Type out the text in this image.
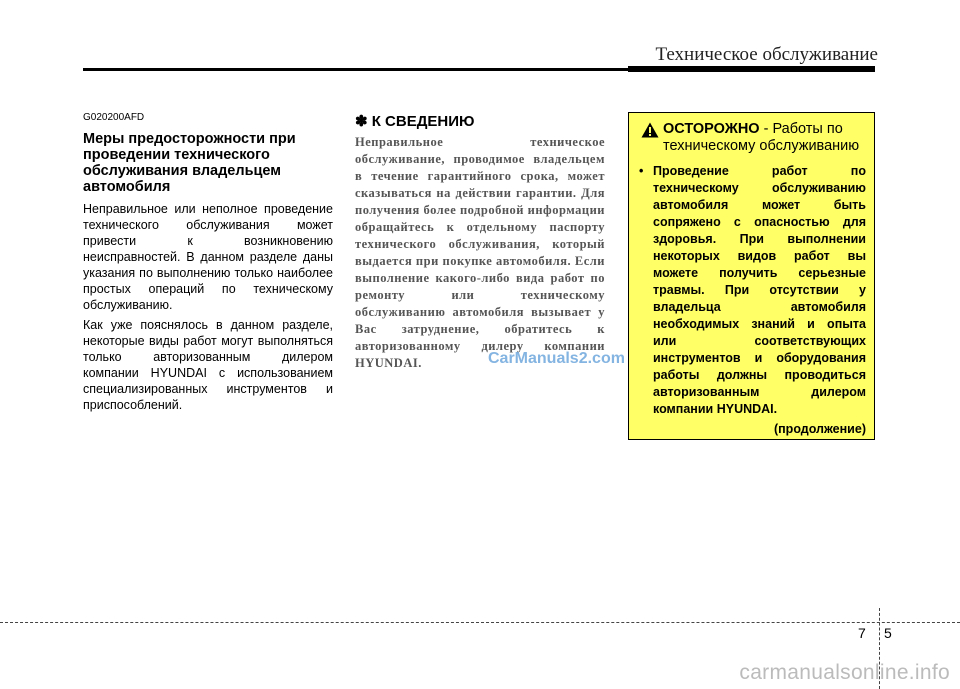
Техническое обслуживание
G020200AFD
Меры предосторожности при проведении технического обслуживания владельцем автомобиля

Неправильное или неполное проведение технического обслуживания может привести к возникновению неисправностей. В данном разделе даны указания по выполнению только наиболее простых операций по техническому обслуживанию.

Как уже пояснялось в данном разделе, некоторые виды работ могут выполняться только авторизованным дилером компании HYUNDAI с использованием специализированных инструментов и приспособлений.

✽ К СВЕДЕНИЮ

Неправильное техническое обслуживание, проводимое владельцем в течение гарантийного срока, может сказываться на действии гарантии. Для получения более подробной информации обращайтесь к отдельному паспорту технического обслуживания, который выдается при покупке автомобиля. Если выполнение какого-либо вида работ по ремонту или техническому обслуживанию автомобиля вызывает у Вас затруднение, обратитесь к авторизованному дилеру компании HYUNDAI.	CarManuals2.com
ОСТОРОЖНО - Работы по техническому обслуживанию
• Проведение работ по техническому обслуживанию автомобиля может быть сопряжено с опасностью для здоровья. При выполнении некоторых видов работ вы можете получить серьезные травмы. При отсутствии у владельца автомобиля необходимых знаний и опыта или соответствующих инструментов и оборудования работы должны проводиться авторизованным дилером компании HYUNDAI.
(продолжение)
7 5
carmanualsonline.info
